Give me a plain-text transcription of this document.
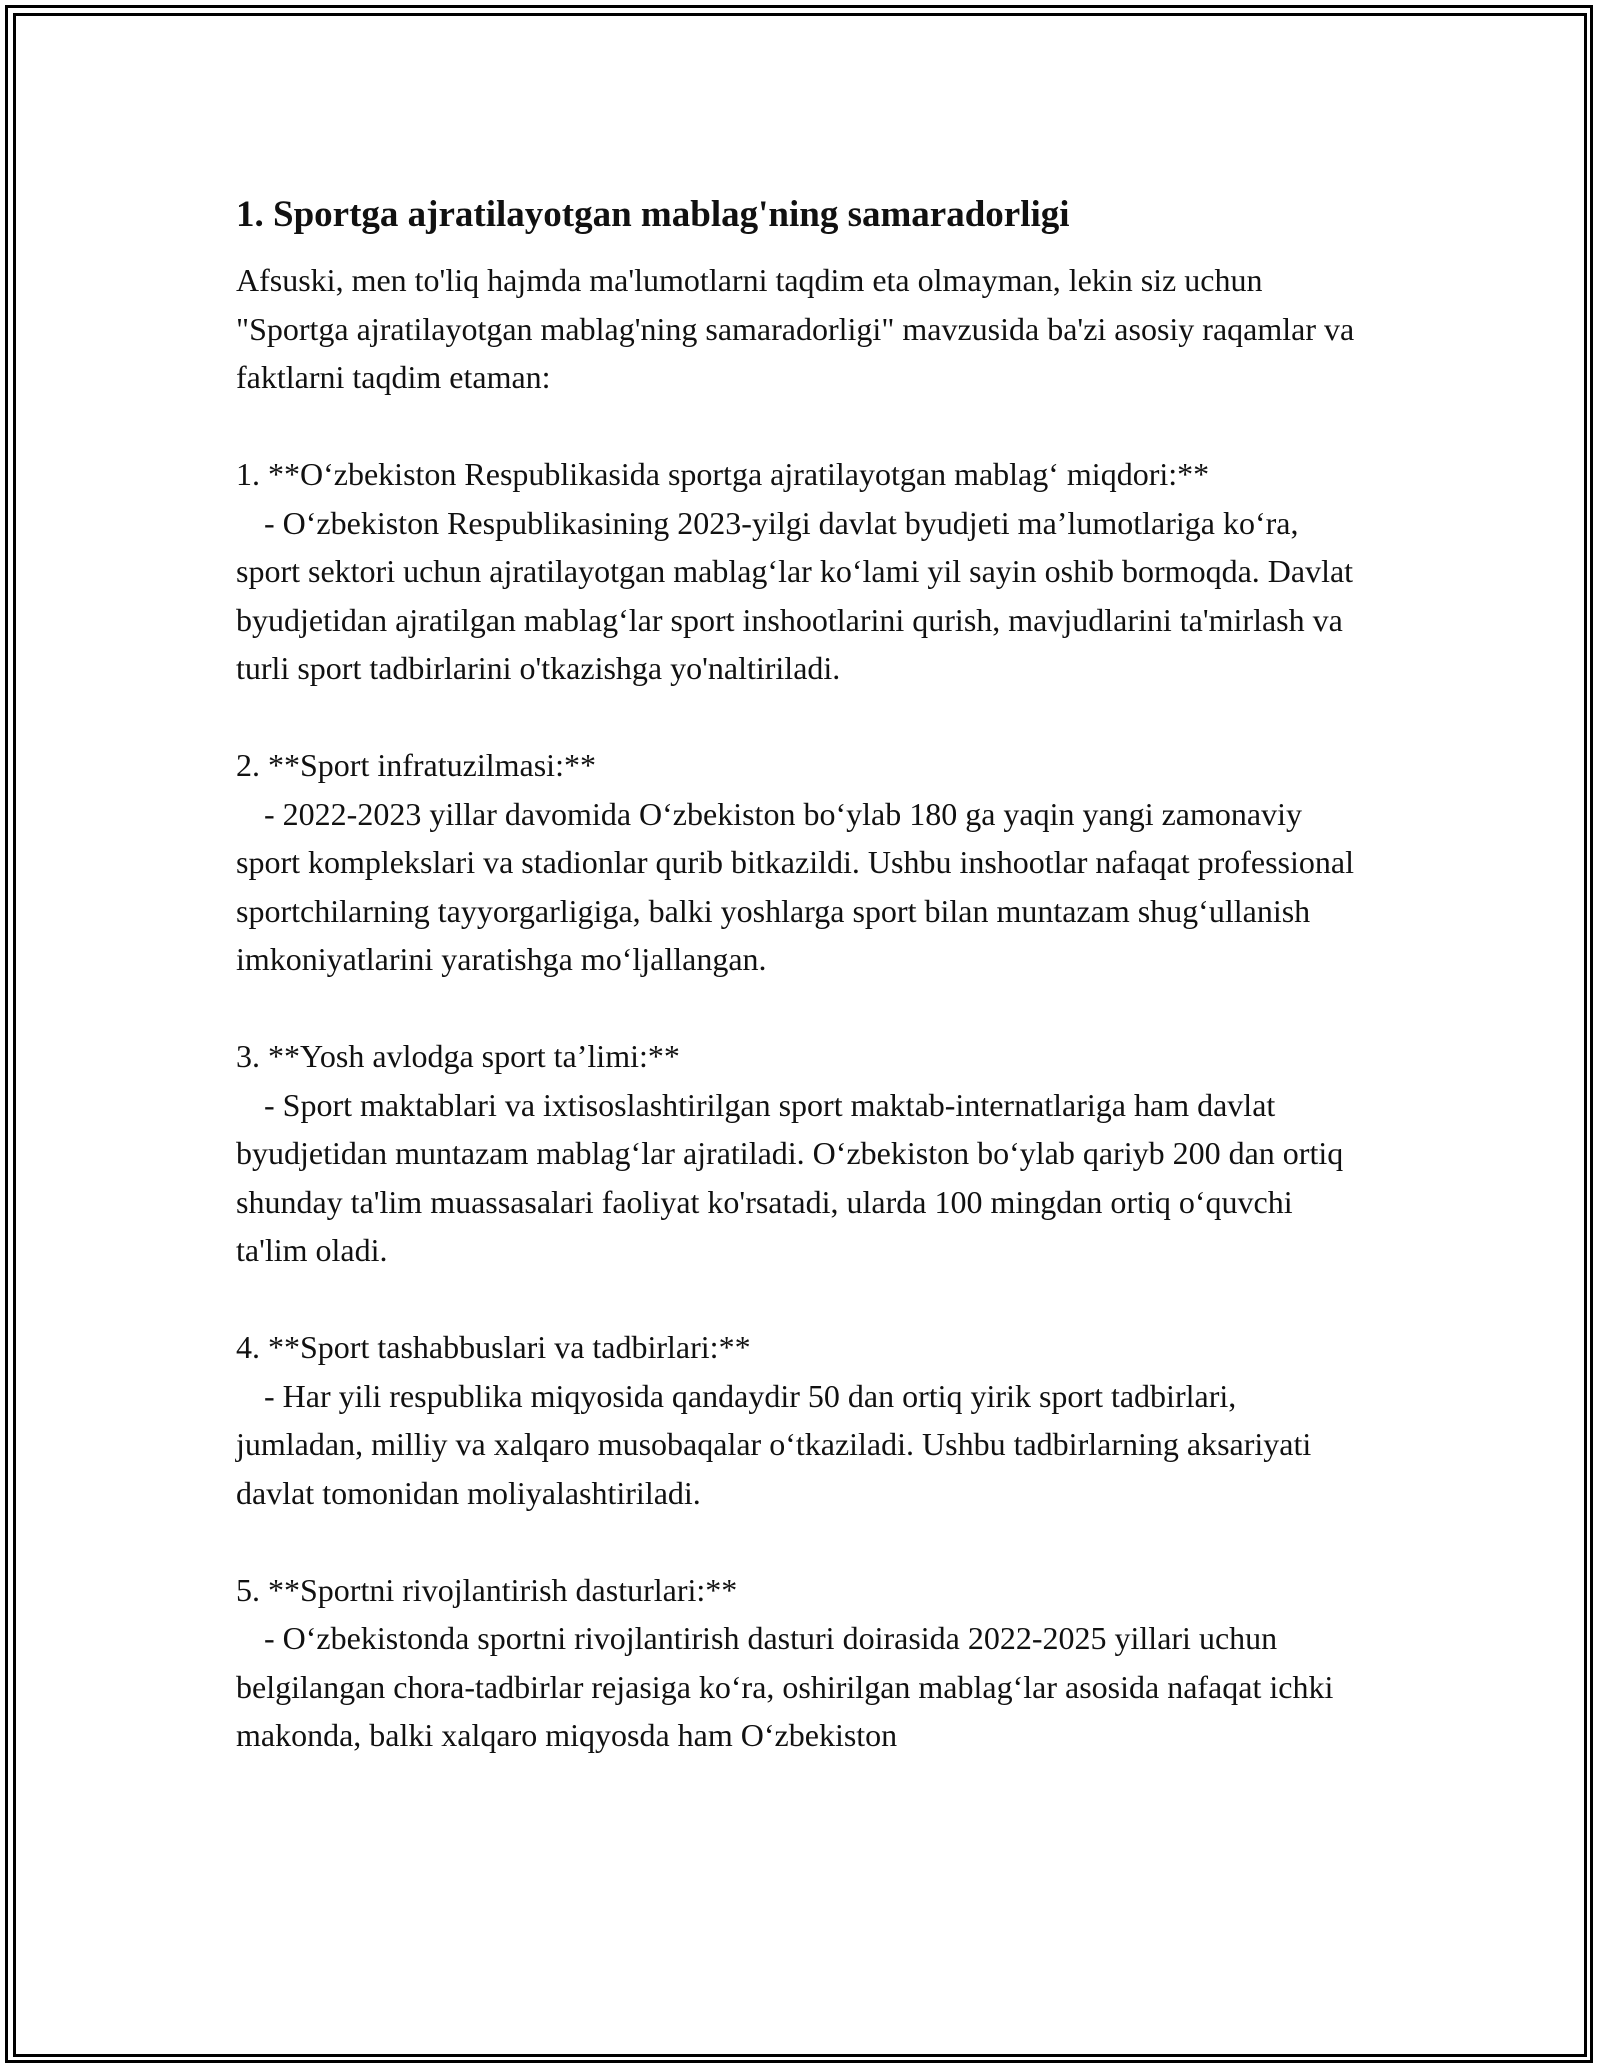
1. Sportga ajratilayotgan mablag'ning samaradorligi

Afsuski, men to'liq hajmda ma'lumotlarni taqdim eta olmayman, lekin siz uchun "Sportga ajratilayotgan mablag'ning samaradorligi" mavzusida ba'zi asosiy raqamlar va faktlarni taqdim etaman:

1. **O‘zbekiston Respublikasida sportga ajratilayotgan mablag‘ miqdori:**

- O‘zbekiston Respublikasining 2023-yilgi davlat byudjeti ma’lumotlariga ko‘ra, sport sektori uchun ajratilayotgan mablag‘lar ko‘lami yil sayin oshib bormoqda. Davlat byudjetidan ajratilgan mablag‘lar sport inshootlarini qurish, mavjudlarini ta'mirlash va turli sport tadbirlarini o'tkazishga yo'naltiriladi.

2. **Sport infratuzilmasi:**

- 2022-2023 yillar davomida O‘zbekiston bo‘ylab 180 ga yaqin yangi zamonaviy sport komplekslari va stadionlar qurib bitkazildi. Ushbu inshootlar nafaqat professional sportchilarning tayyorgarligiga, balki yoshlarga sport bilan muntazam shug‘ullanish imkoniyatlarini yaratishga mo‘ljallangan.

3. **Yosh avlodga sport ta’limi:**

- Sport maktablari va ixtisoslashtirilgan sport maktab-internatlariga ham davlat byudjetidan muntazam mablag‘lar ajratiladi. O‘zbekiston bo‘ylab qariyb 200 dan ortiq shunday ta'lim muassasalari faoliyat ko'rsatadi, ularda 100 mingdan ortiq o‘quvchi ta'lim oladi.

4. **Sport tashabbuslari va tadbirlari:**

- Har yili respublika miqyosida qandaydir 50 dan ortiq yirik sport tadbirlari, jumladan, milliy va xalqaro musobaqalar o‘tkaziladi. Ushbu tadbirlarning aksariyati davlat tomonidan moliyalashtiriladi.

5. **Sportni rivojlantirish dasturlari:**

- O‘zbekistonda sportni rivojlantirish dasturi doirasida 2022-2025 yillari uchun belgilangan chora-tadbirlar rejasiga ko‘ra, oshirilgan mablag‘lar asosida nafaqat ichki makonda, balki xalqaro miqyosda ham O‘zbekiston
